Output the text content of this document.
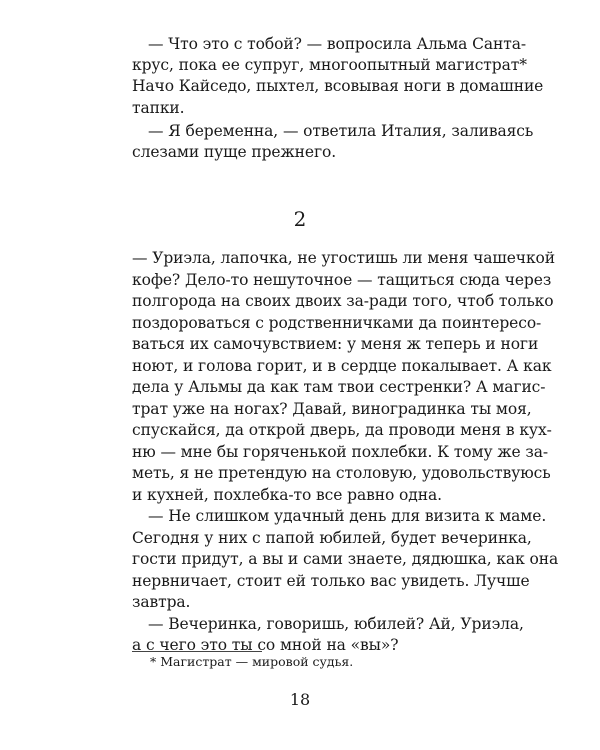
— Что это с тобой? — вопросила Альма Санта-
крус, пока ее супруг, многоопытный магистрат*
Начо Кайседо, пыхтел, всовывая ноги в домашние
тапки.
— Я беременна, — ответила Италия, заливаясь
слезами пуще прежнего.
2
— Уриэла, лапочка, не угостишь ли меня чашечкой
кофе? Дело-то нешуточное — тащиться сюда через
полгорода на своих двоих за-ради того, чтоб только
поздороваться с родственничками да поинтересо-
ваться их самочувствием: у меня ж теперь и ноги
ноют, и голова горит, и в сердце покалывает. А как
дела у Альмы да как там твои сестренки? А магис-
трат уже на ногах? Давай, виноградинка ты моя,
спускайся, да открой дверь, да проводи меня в кух-
ню — мне бы горяченькой похлебки. К тому же за-
меть, я не претендую на столовую, удовольствуюсь
и кухней, похлебка-то все равно одна.
— Не слишком удачный день для визита к маме.
Сегодня у них с папой юбилей, будет вечеринка,
гости придут, а вы и сами знаете, дядюшка, как она
нервничает, стоит ей только вас увидеть. Лучше
завтра.
— Вечеринка, говоришь, юбилей? Ай, Уриэла,
а с чего это ты со мной на «вы»?
* Магистрат — мировой судья.
18
